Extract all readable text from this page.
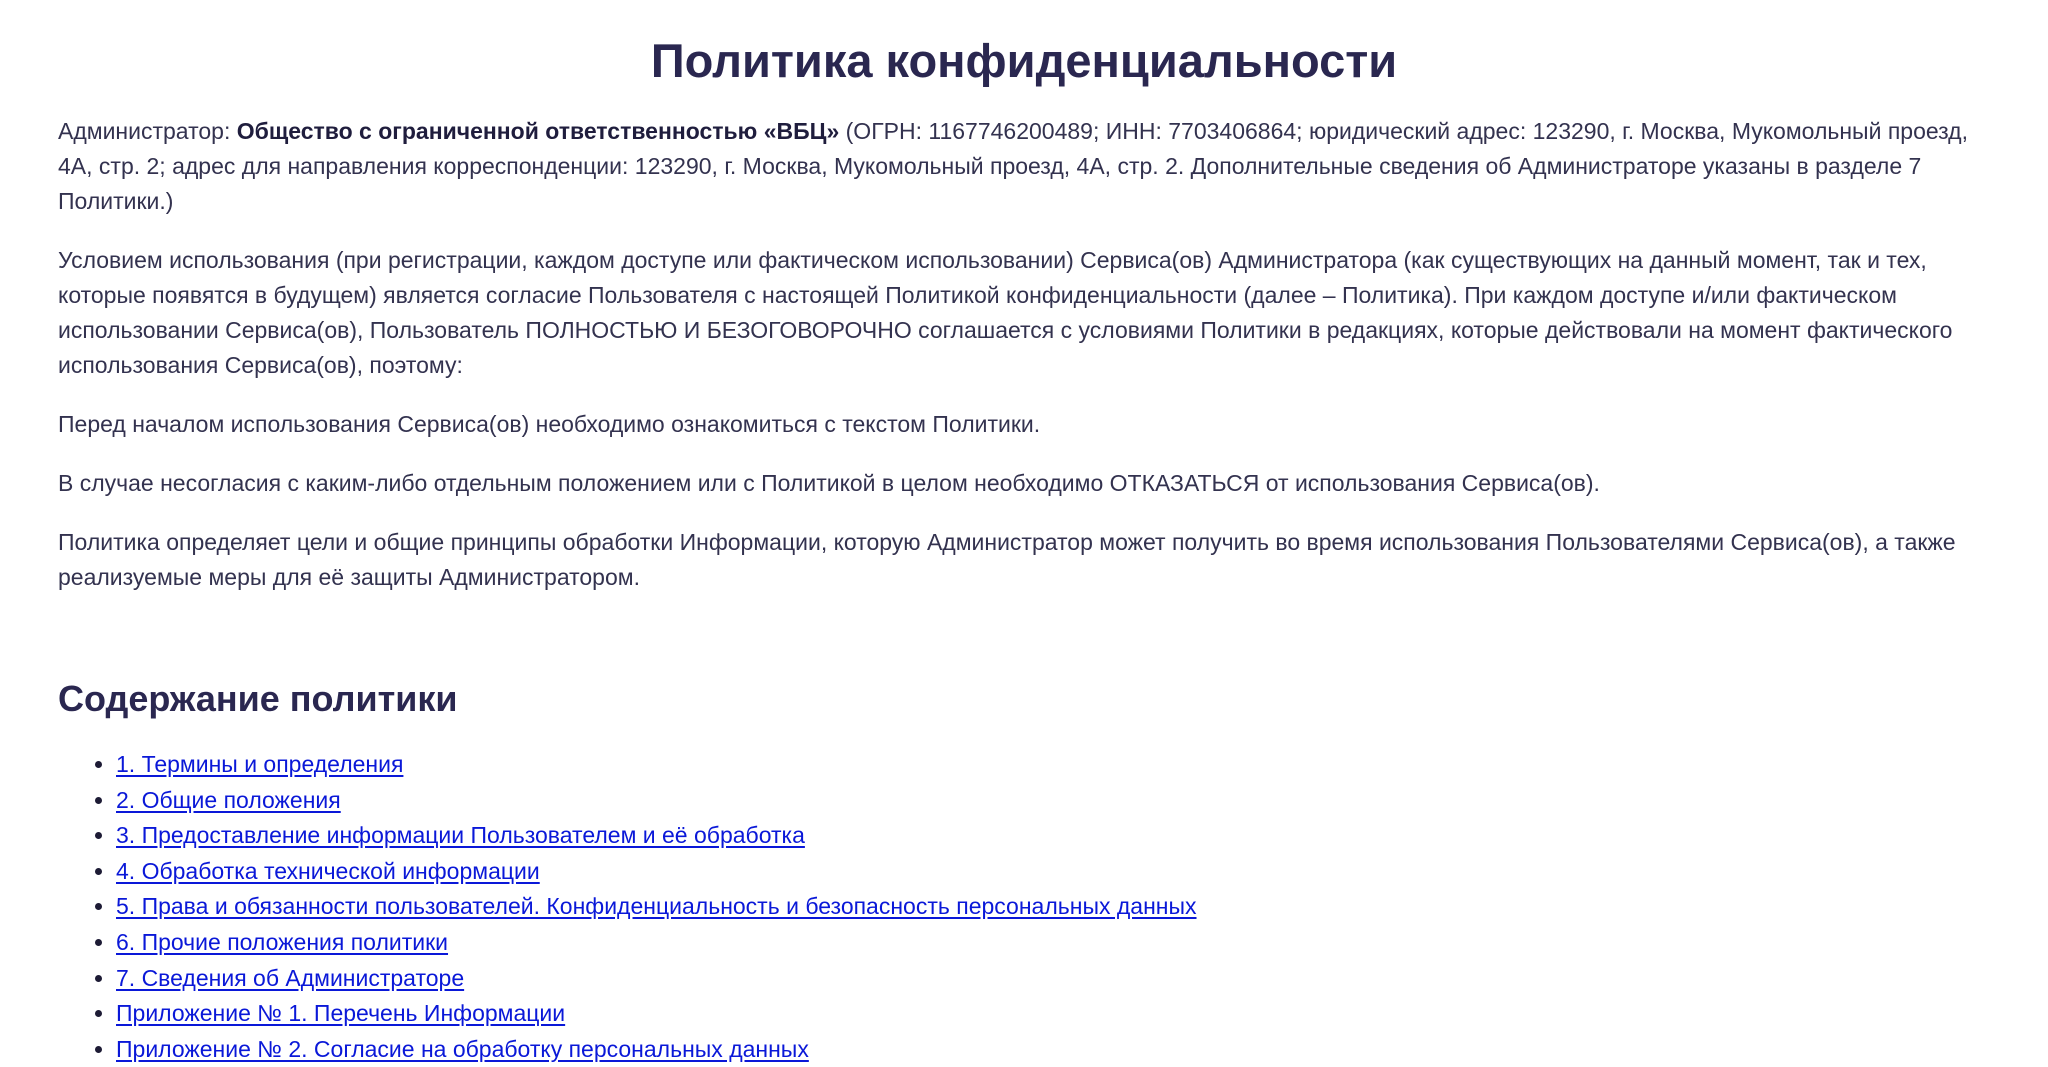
Политика конфиденциальности

Администратор: Общество с ограниченной ответственностью «ВБЦ» (ОГРН: 1167746200489; ИНН: 7703406864; юридический адрес: 123290, г. Москва, Мукомольный проезд, 4А, стр. 2; адрес для направления корреспонденции: 123290, г. Москва, Мукомольный проезд, 4А, стр. 2. Дополнительные сведения об Администраторе указаны в разделе 7 Политики.)

Условием использования (при регистрации, каждом доступе или фактическом использовании) Сервиса(ов) Администратора (как существующих на данный момент, так и тех, которые появятся в будущем) является согласие Пользователя с настоящей Политикой конфиденциальности (далее – Политика). При каждом доступе и/или фактическом использовании Сервиса(ов), Пользователь ПОЛНОСТЬЮ И БЕЗОГОВОРОЧНО соглашается с условиями Политики в редакциях, которые действовали на момент фактического использования Сервиса(ов), поэтому:

Перед началом использования Сервиса(ов) необходимо ознакомиться с текстом Политики.

В случае несогласия с каким-либо отдельным положением или с Политикой в целом необходимо ОТКАЗАТЬСЯ от использования Сервиса(ов).

Политика определяет цели и общие принципы обработки Информации, которую Администратор может получить во время использования Пользователями Сервиса(ов), а также реализуемые меры для её защиты Администратором.

Содержание политики
• 1. Термины и определения
• 2. Общие положения
• 3. Предоставление информации Пользователем и её обработка
• 4. Обработка технической информации
• 5. Права и обязанности пользователей. Конфиденциальность и безопасность персональных данных
• 6. Прочие положения политики
• 7. Сведения об Администраторе
• Приложение № 1. Перечень Информации
• Приложение № 2. Согласие на обработку персональных данных
